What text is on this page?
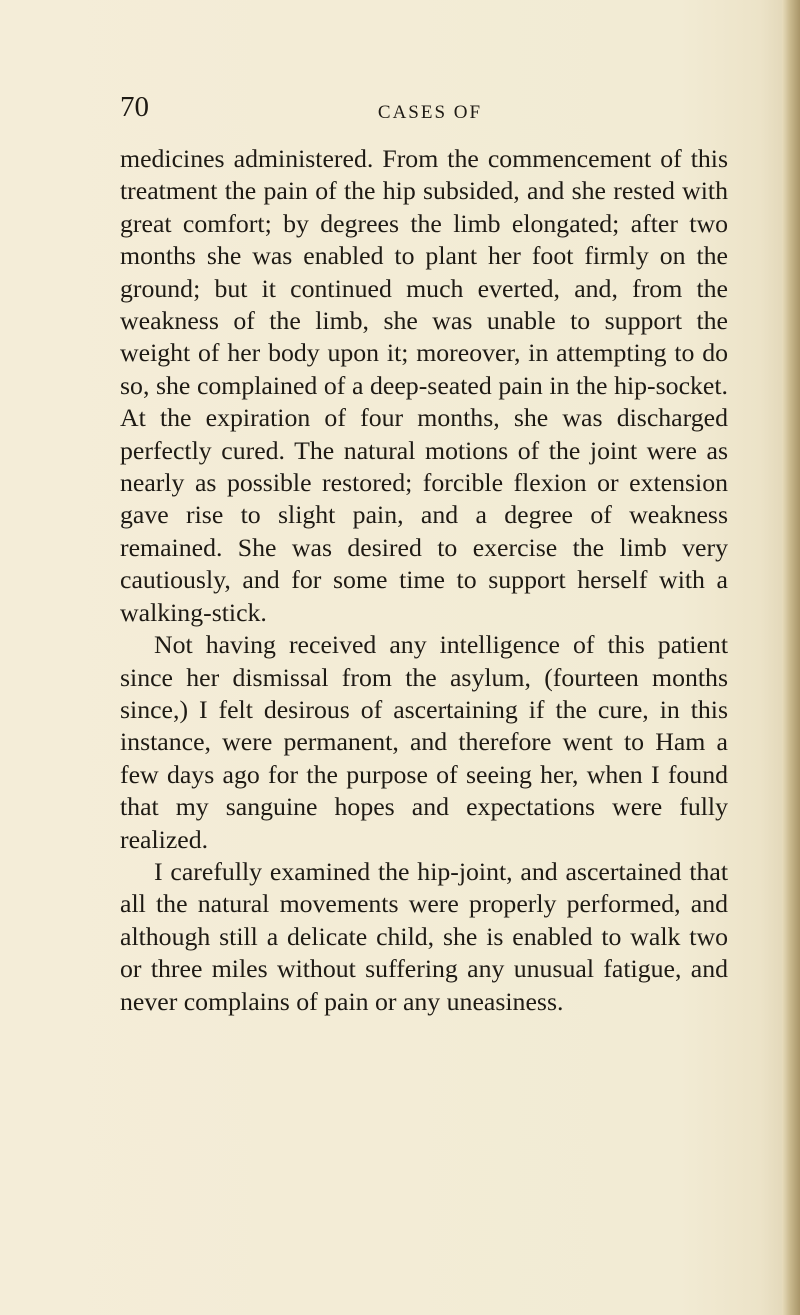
70	CASES OF

medicines administered. From the commencement of this treatment the pain of the hip subsided, and she rested with great comfort; by degrees the limb elongated; after two months she was enabled to plant her foot firmly on the ground; but it continued much everted, and, from the weakness of the limb, she was unable to support the weight of her body upon it; moreover, in attempting to do so, she complained of a deep-seated pain in the hip-socket. At the expiration of four months, she was discharged perfectly cured. The natural motions of the joint were as nearly as possible restored; forcible flexion or extension gave rise to slight pain, and a degree of weakness remained. She was desired to exercise the limb very cautiously, and for some time to support herself with a walking-stick.

Not having received any intelligence of this patient since her dismissal from the asylum, (fourteen months since,) I felt desirous of ascertaining if the cure, in this instance, were permanent, and therefore went to Ham a few days ago for the purpose of seeing her, when I found that my sanguine hopes and expectations were fully realized.

I carefully examined the hip-joint, and ascertained that all the natural movements were properly performed, and although still a delicate child, she is enabled to walk two or three miles without suffering any unusual fatigue, and never complains of pain or any uneasiness.
